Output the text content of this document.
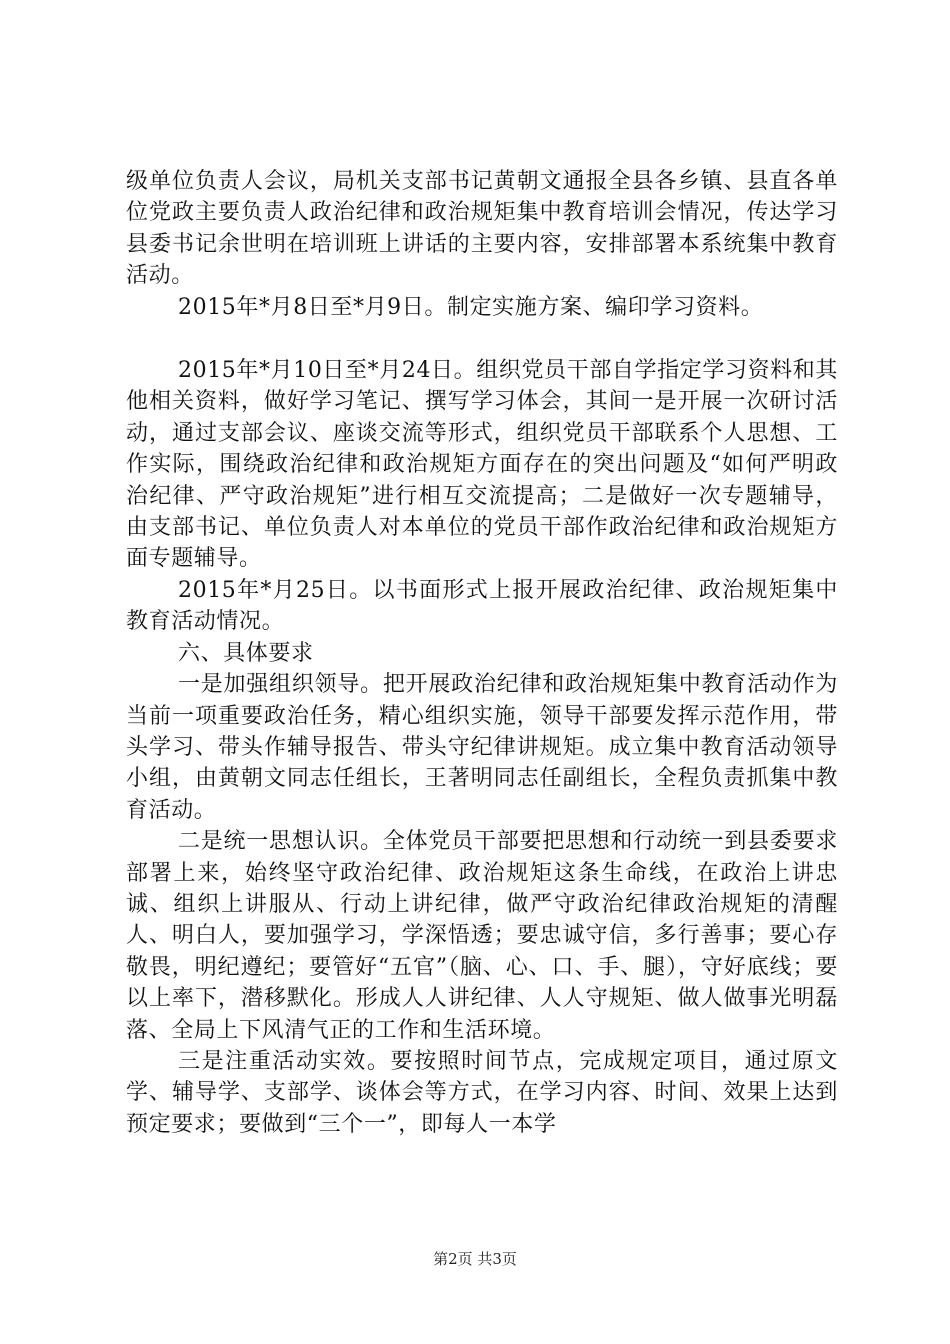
级单位负责人会议，局机关支部书记黄朝文通报全县各乡镇、县直各单位党政主要负责人政治纪律和政治规矩集中教育培训会情况，传达学习县委书记余世明在培训班上讲话的主要内容，安排部署本系统集中教育活动。

2015年*月8日至*月9日。制定实施方案、编印学习资料。

2015年*月10日至*月24日。组织党员干部自学指定学习资料和其他相关资料，做好学习笔记、撰写学习体会，其间一是开展一次研讨活动，通过支部会议、座谈交流等形式，组织党员干部联系个人思想、工作实际，围绕政治纪律和政治规矩方面存在的突出问题及“如何严明政治纪律、严守政治规矩”进行相互交流提高；二是做好一次专题辅导，由支部书记、单位负责人对本单位的党员干部作政治纪律和政治规矩方面专题辅导。

2015年*月25日。以书面形式上报开展政治纪律、政治规矩集中教育活动情况。

六、具体要求

一是加强组织领导。把开展政治纪律和政治规矩集中教育活动作为当前一项重要政治任务，精心组织实施，领导干部要发挥示范作用，带头学习、带头作辅导报告、带头守纪律讲规矩。成立集中教育活动领导小组，由黄朝文同志任组长，王著明同志任副组长，全程负责抓集中教育活动。

二是统一思想认识。全体党员干部要把思想和行动统一到县委要求部署上来，始终坚守政治纪律、政治规矩这条生命线，在政治上讲忠诚、组织上讲服从、行动上讲纪律，做严守政治纪律政治规矩的清醒人、明白人，要加强学习，学深悟透；要忠诚守信，多行善事；要心存敬畏，明纪遵纪；要管好“五官”（脑、心、口、手、腿），守好底线；要以上率下，潜移默化。形成人人讲纪律、人人守规矩、做人做事光明磊落、全局上下风清气正的工作和生活环境。

三是注重活动实效。要按照时间节点，完成规定项目，通过原文学、辅导学、支部学、谈体会等方式，在学习内容、时间、效果上达到预定要求；要做到“三个一”，即每人一本学

第2页 共3页
